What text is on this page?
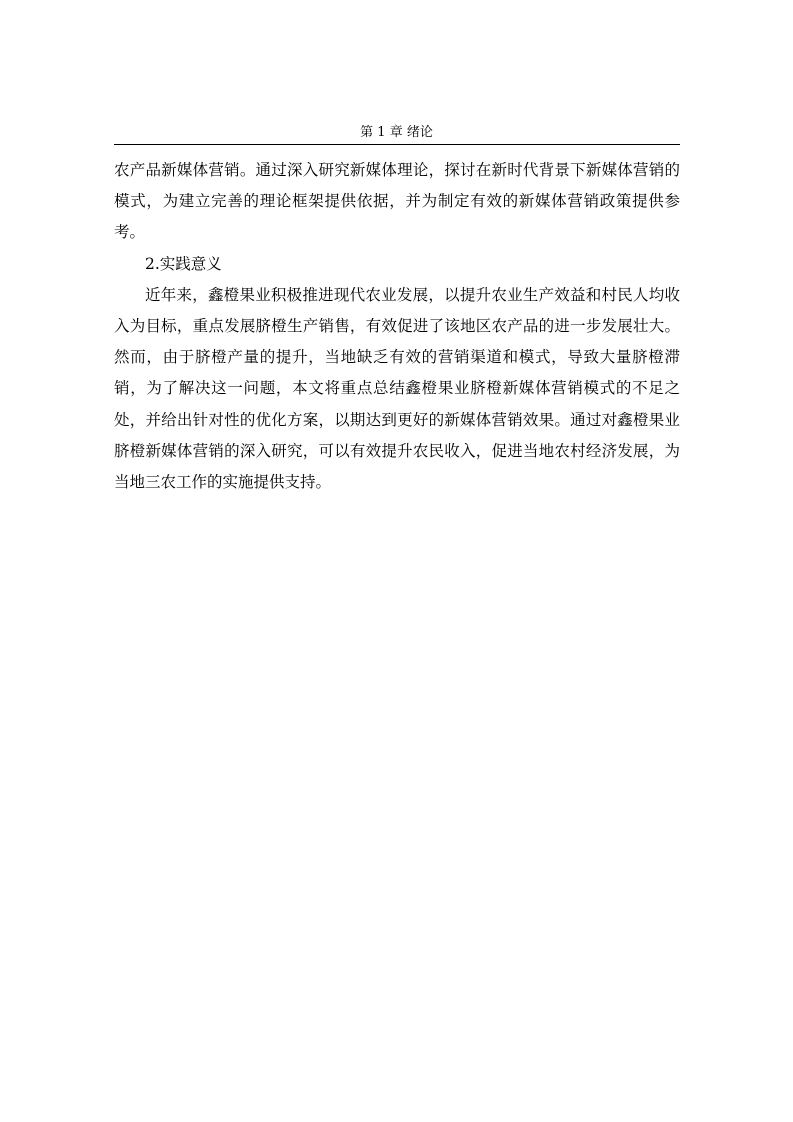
第 1 章 绪论

农产品新媒体营销。通过深入研究新媒体理论，探讨在新时代背景下新媒体营销的模式，为建立完善的理论框架提供依据，并为制定有效的新媒体营销政策提供参考。

2.实践意义

近年来，鑫橙果业积极推进现代农业发展，以提升农业生产效益和村民人均收入为目标，重点发展脐橙生产销售，有效促进了该地区农产品的进一步发展壮大。然而，由于脐橙产量的提升，当地缺乏有效的营销渠道和模式，导致大量脐橙滞销，为了解决这一问题，本文将重点总结鑫橙果业脐橙新媒体营销模式的不足之处，并给出针对性的优化方案，以期达到更好的新媒体营销效果。通过对鑫橙果业脐橙新媒体营销的深入研究，可以有效提升农民收入，促进当地农村经济发展，为当地三农工作的实施提供支持。
